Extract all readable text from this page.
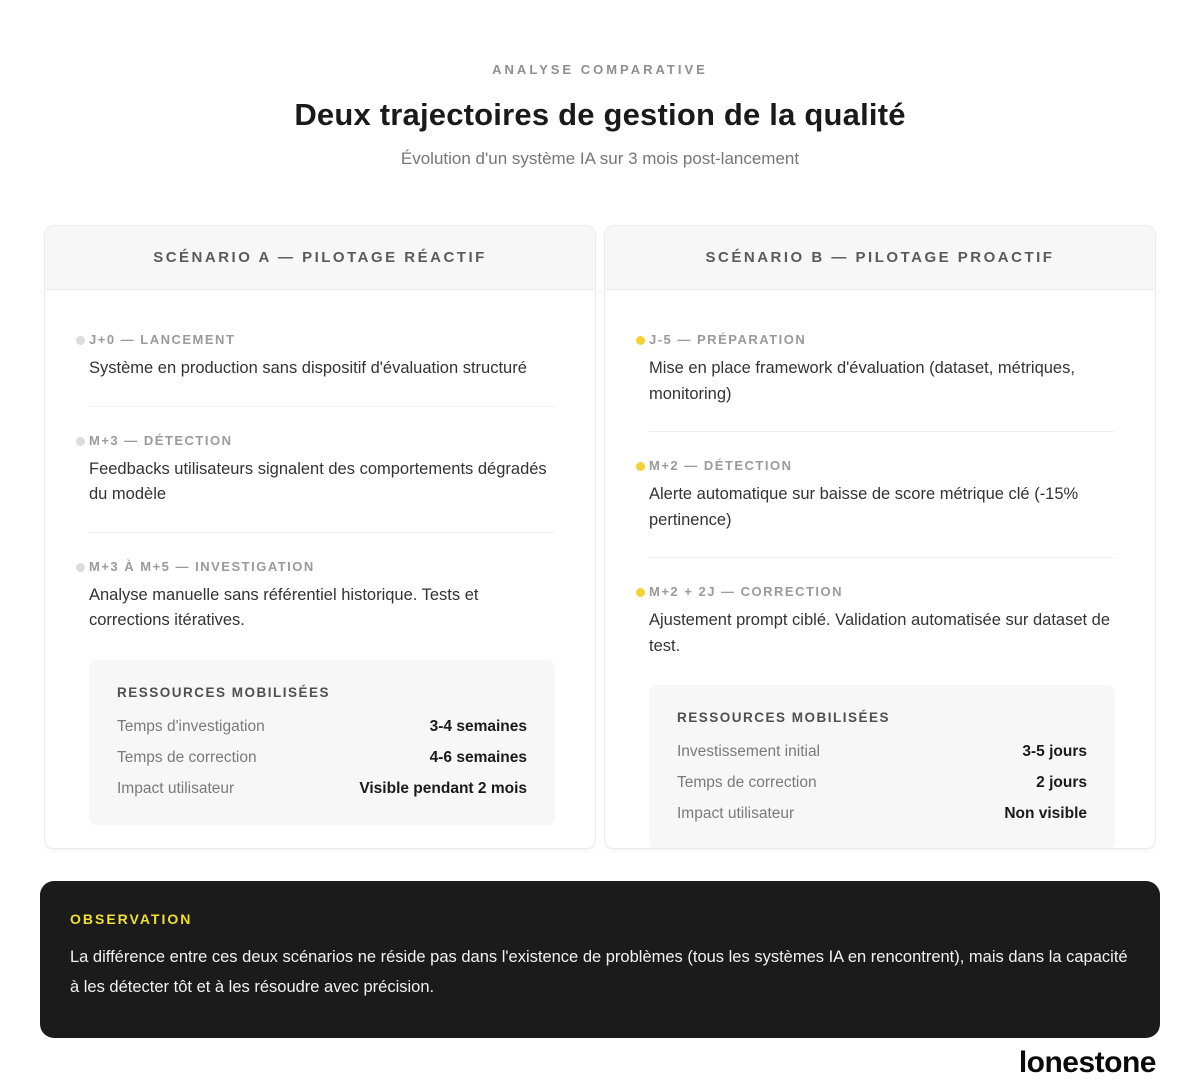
ANALYSE COMPARATIVE
Deux trajectoires de gestion de la qualité
Évolution d'un système IA sur 3 mois post-lancement
SCÉNARIO A — PILOTAGE RÉACTIF
J+0 — LANCEMENT

Système en production sans dispositif d'évaluation structuré

M+3 — DÉTECTION

Feedbacks utilisateurs signalent des comportements dégradés du modèle

M+3 À M+5 — INVESTIGATION

Analyse manuelle sans référentiel historique. Tests et corrections itératives.

RESSOURCES MOBILISÉES
Temps d'investigation	3-4 semaines
Temps de correction	4-6 semaines
Impact utilisateur	Visible pendant 2 mois
SCÉNARIO B — PILOTAGE PROACTIF
J-5 — PRÉPARATION

Mise en place framework d'évaluation (dataset, métriques, monitoring)

M+2 — DÉTECTION

Alerte automatique sur baisse de score métrique clé (-15% pertinence)

M+2 + 2J — CORRECTION

Ajustement prompt ciblé. Validation automatisée sur dataset de test.

RESSOURCES MOBILISÉES
Investissement initial	3-5 jours
Temps de correction	2 jours
Impact utilisateur	Non visible
OBSERVATION

La différence entre ces deux scénarios ne réside pas dans l'existence de problèmes (tous les systèmes IA en rencontrent), mais dans la capacité à les détecter tôt et à les résoudre avec précision.

lonestone
